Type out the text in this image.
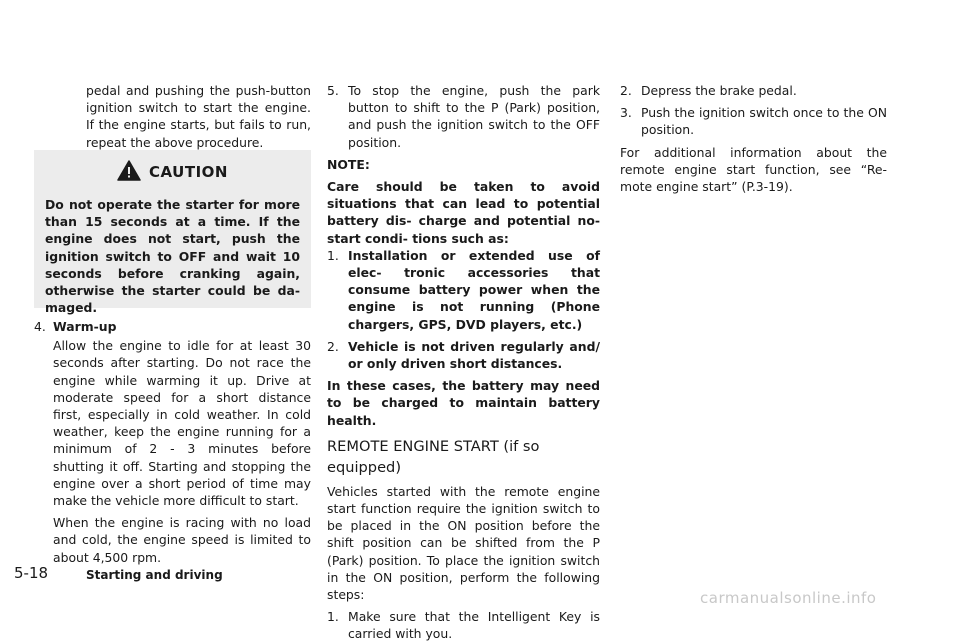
pedal and pushing the push-button ignition switch to start the engine. If the engine starts, but fails to run, repeat the above procedure.

CAUTION

Do not operate the starter for more than 15 seconds at a time. If the engine does not start, push the ignition switch to OFF and wait 10 seconds before cranking again, otherwise the starter could be da- maged.

4. Warm-up

Allow the engine to idle for at least 30 seconds after starting. Do not race the engine while warming it up. Drive at moderate speed for a short distance first, especially in cold weather. In cold weather, keep the engine running for a minimum of 2 - 3 minutes before shutting it off. Starting and stopping the engine over a short period of time may make the vehicle more difficult to start.

When the engine is racing with no load and cold, the engine speed is limited to about 4,500 rpm.

5. To stop the engine, push the park button to shift to the P (Park) position, and push the ignition switch to the OFF position.

NOTE:

Care should be taken to avoid situations that can lead to potential battery dis- charge and potential no-start condi- tions such as:

1. Installation or extended use of elec- tronic accessories that consume battery power when the engine is not running (Phone chargers, GPS, DVD players, etc.)

2. Vehicle is not driven regularly and/ or only driven short distances.

In these cases, the battery may need to be charged to maintain battery health.

REMOTE ENGINE START (if so equipped)

Vehicles started with the remote engine start function require the ignition switch to be placed in the ON position before the shift position can be shifted from the P (Park) position. To place the ignition switch in the ON position, perform the following steps:

1. Make sure that the Intelligent Key is carried with you.

2. Depress the brake pedal.

3. Push the ignition switch once to the ON position.

For additional information about the remote engine start function, see “Re- mote engine start” (P.3-19).

5-18	Starting and driving
carmanualsonline.info
